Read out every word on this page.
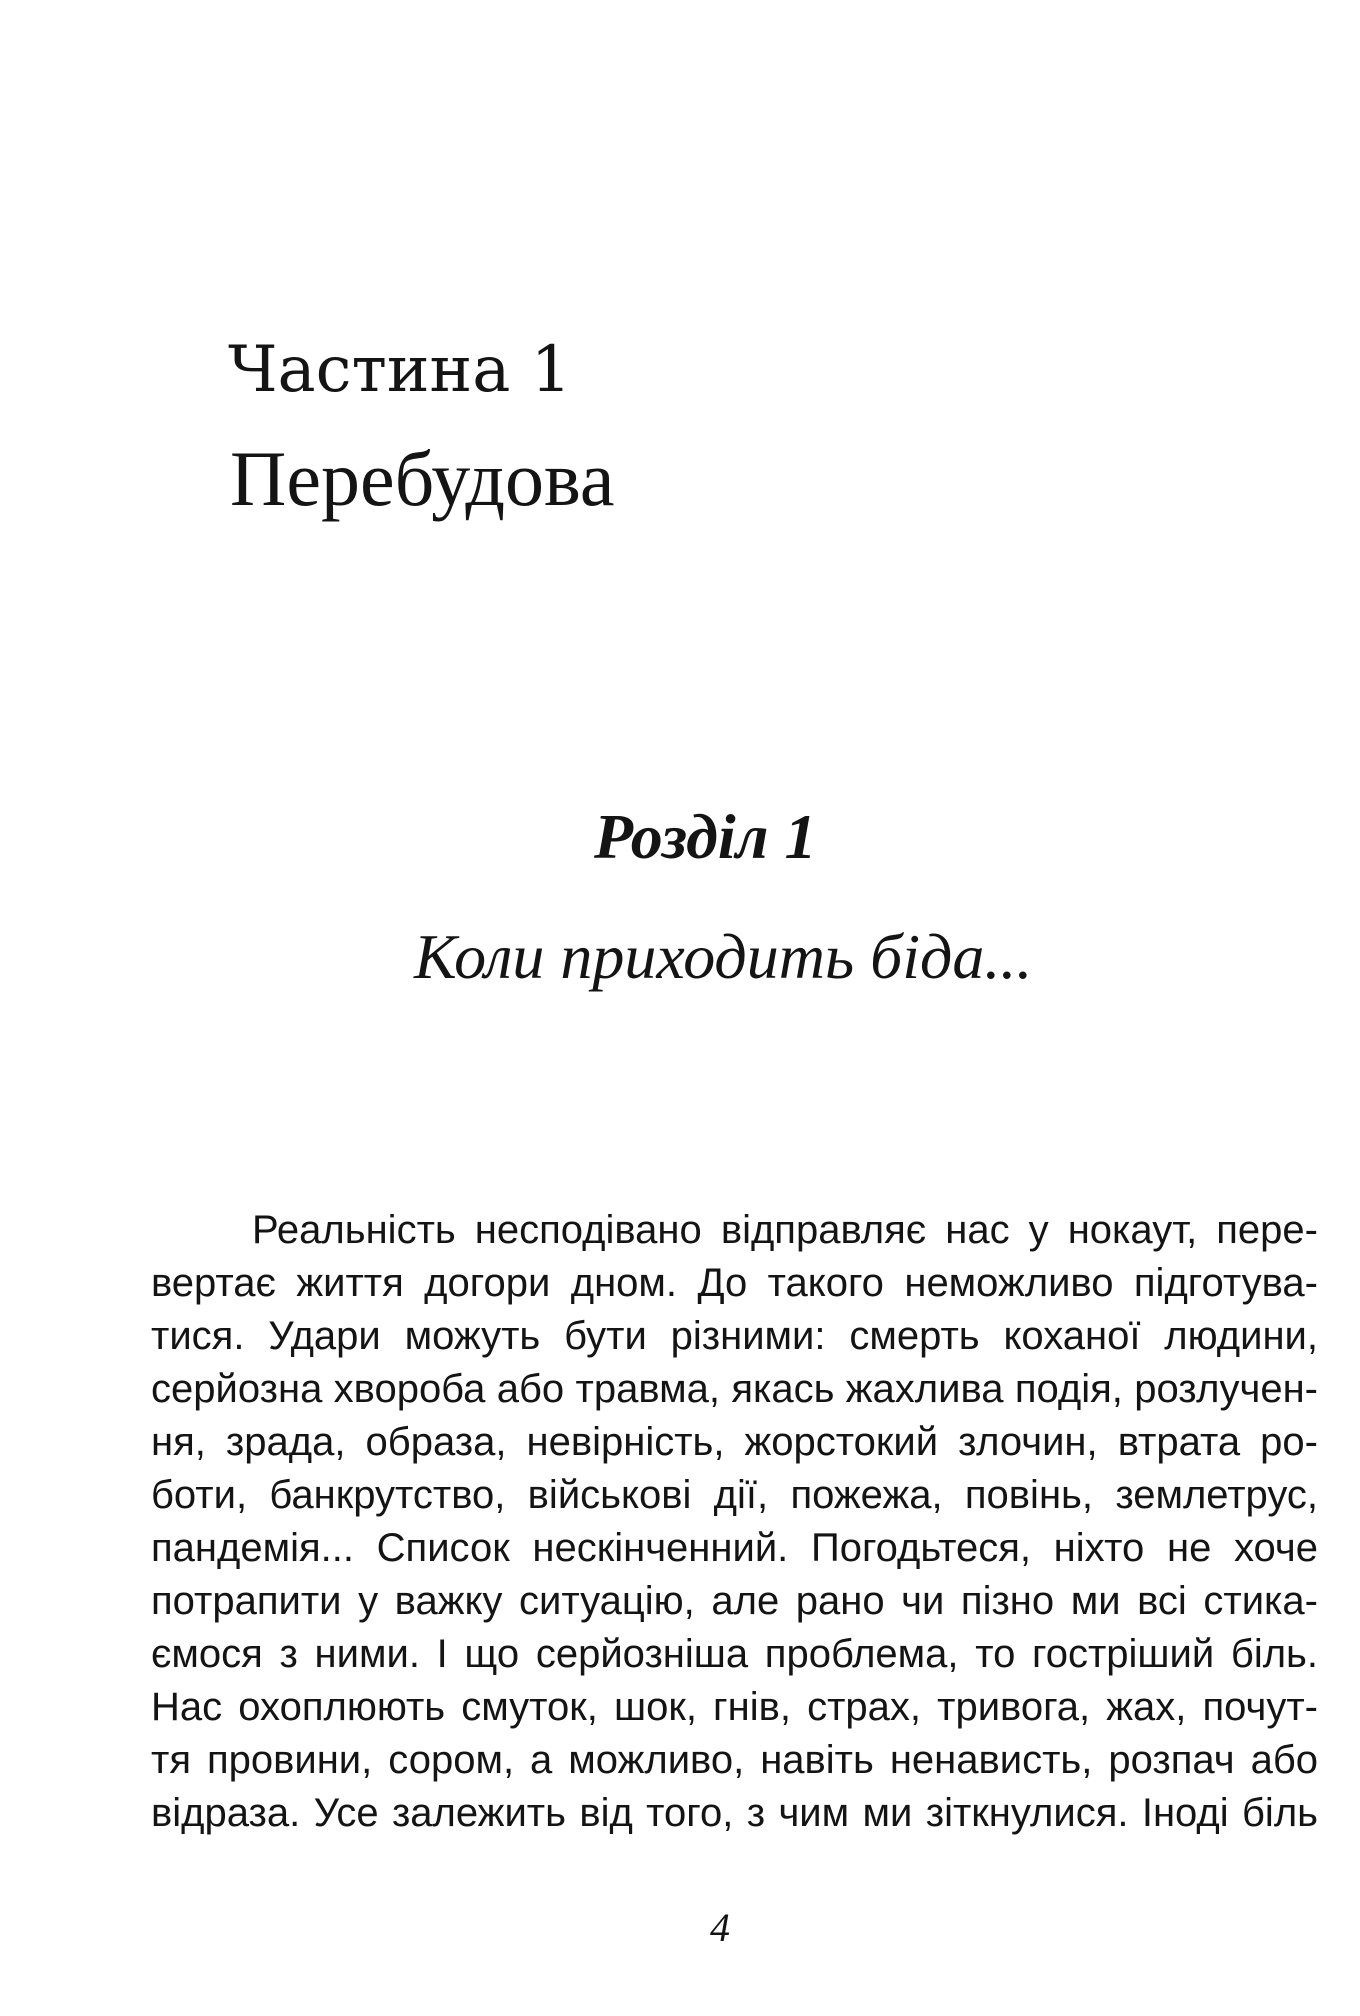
Частина 1
Перебудова
Розділ 1
Коли приходить біда...
Реальність несподівано відправляє нас у нокаут, пере-
вертає життя догори дном. До такого неможливо підготува-
тися. Удари можуть бути різними: смерть коханої людини,
серйозна хвороба або травма, якась жахлива подія, розлучен-
ня, зрада, образа, невірність, жорстокий злочин, втрата ро-
боти, банкрутство, військові дії, пожежа, повінь, землетрус,
пандемія... Список нескінченний. Погодьтеся, ніхто не хоче
потрапити у важку ситуацію, але рано чи пізно ми всі стика-
ємося з ними. І що серйозніша проблема, то гостріший біль.
Нас охоплюють смуток, шок, гнів, страх, тривога, жах, почут-
тя провини, сором, а можливо, навіть ненависть, розпач або
відраза. Усе залежить від того, з чим ми зіткнулися. Іноді біль
4
